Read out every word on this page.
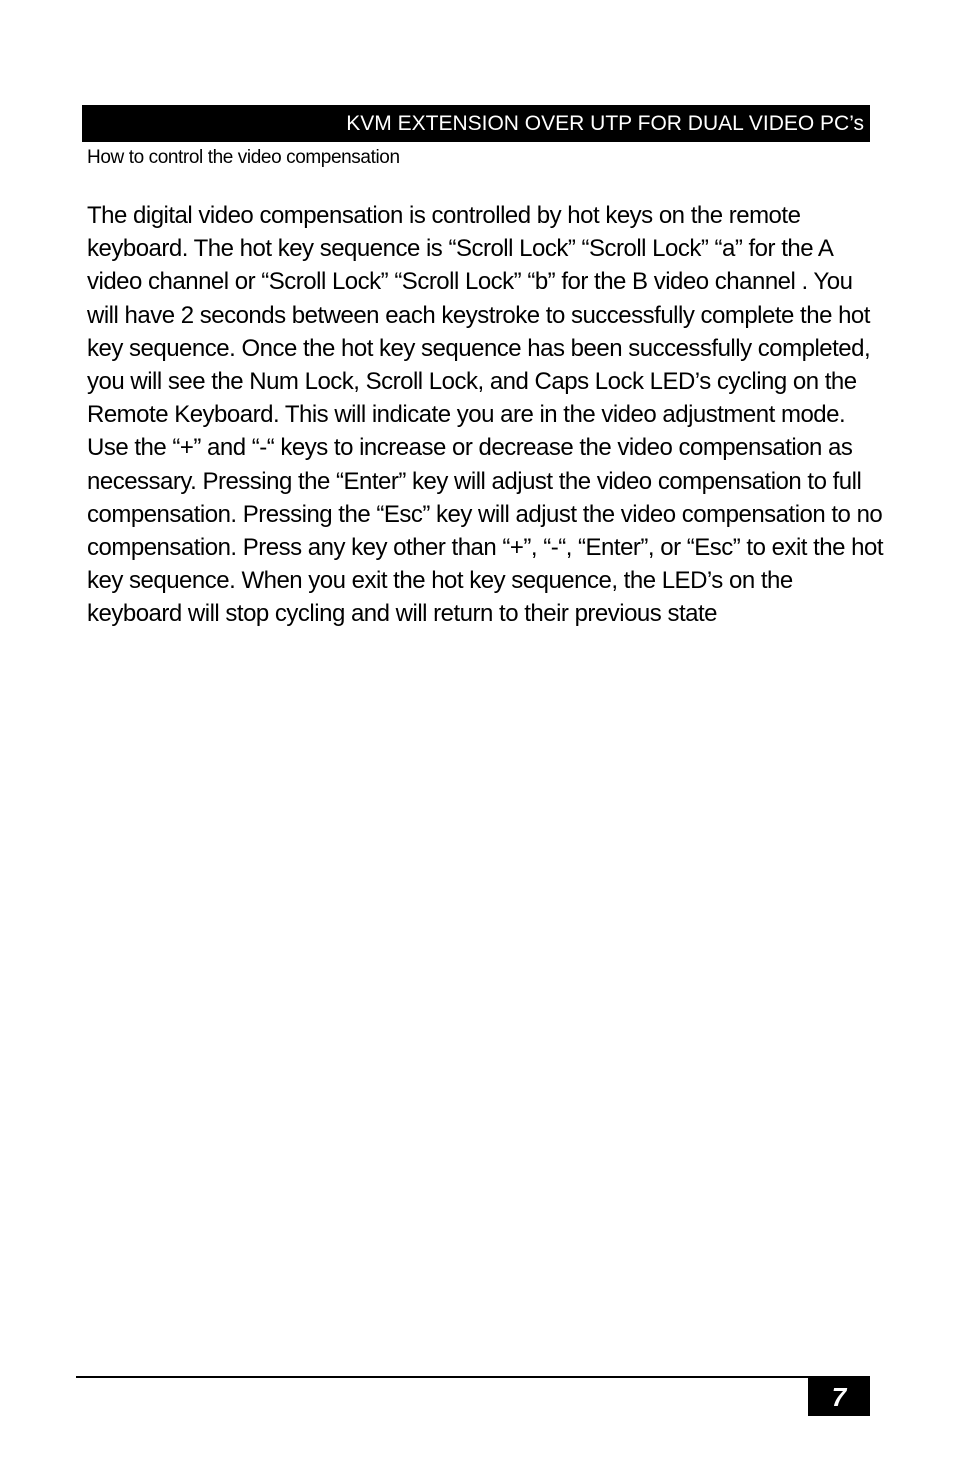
KVM EXTENSION OVER UTP FOR DUAL VIDEO PC’s
How to control the video compensation
The digital video compensation is controlled by hot keys on the remote
keyboard. The hot key sequence is “Scroll Lock” “Scroll Lock” “a” for the A
video channel or “Scroll Lock” “Scroll Lock” “b” for the B video channel . You
will have 2 seconds between each keystroke to successfully complete the hot
key sequence. Once the hot key sequence has been successfully completed,
you will see the Num Lock, Scroll Lock, and Caps Lock LED’s cycling on the
Remote Keyboard. This will indicate you are in the video adjustment mode.
Use the “+” and “-“ keys to increase or decrease the video compensation as
necessary. Pressing the “Enter” key will adjust the video compensation to full
compensation. Pressing the “Esc” key will adjust the video compensation to no
compensation. Press any key other than “+”, “-“, “Enter”, or “Esc” to exit the hot
key sequence. When you exit the hot key sequence, the LED’s on the
keyboard will stop cycling and will return to their previous state
7
